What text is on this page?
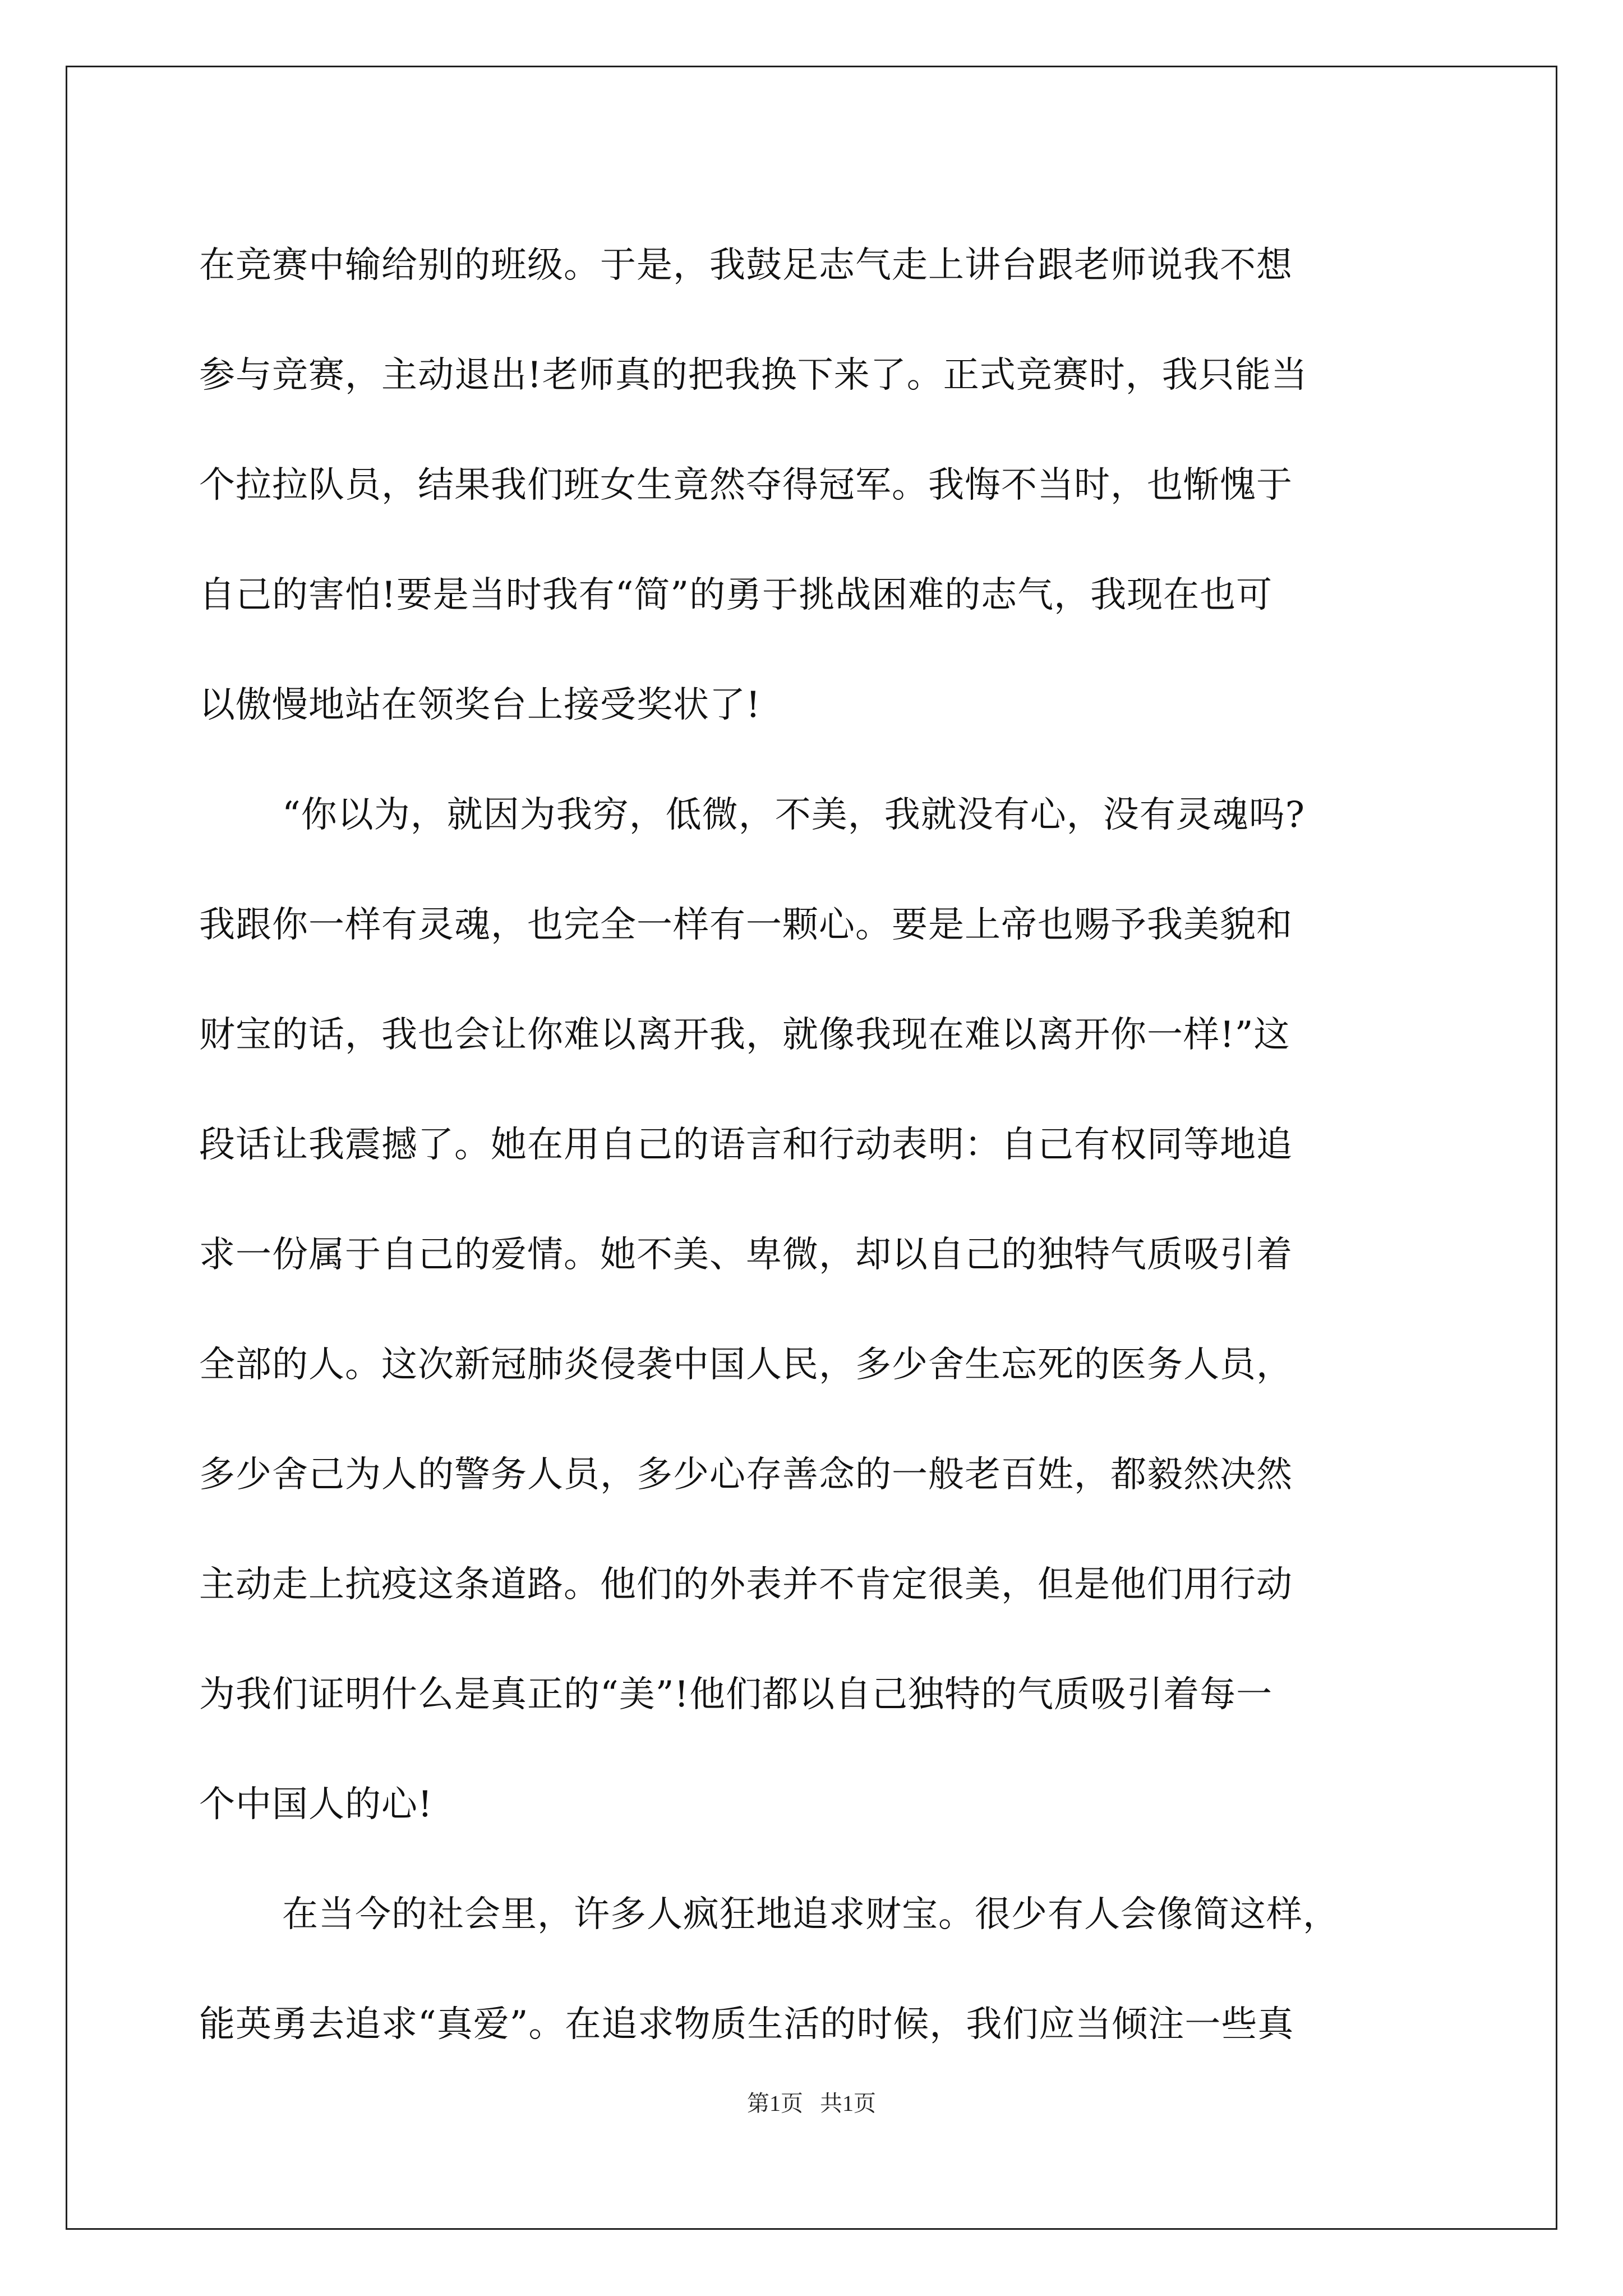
在竞赛中输给别的班级。于是，我鼓足志气走上讲台跟老师说我不想
参与竞赛，主动退出!老师真的把我换下来了。正式竞赛时，我只能当
个拉拉队员，结果我们班女生竟然夺得冠军。我悔不当时，也惭愧于
自己的害怕!要是当时我有“简”的勇于挑战困难的志气，我现在也可
以傲慢地站在领奖台上接受奖状了!
“你以为，就因为我穷，低微，不美，我就没有心，没有灵魂吗?
我跟你一样有灵魂，也完全一样有一颗心。要是上帝也赐予我美貌和
财宝的话，我也会让你难以离开我，就像我现在难以离开你一样!”这
段话让我震撼了。她在用自己的语言和行动表明：自己有权同等地追
求一份属于自己的爱情。她不美、卑微，却以自己的独特气质吸引着
全部的人。这次新冠肺炎侵袭中国人民，多少舍生忘死的医务人员，
多少舍己为人的警务人员，多少心存善念的一般老百姓，都毅然决然
主动走上抗疫这条道路。他们的外表并不肯定很美，但是他们用行动
为我们证明什么是真正的“美”!他们都以自己独特的气质吸引着每一
个中国人的心!
在当今的社会里，许多人疯狂地追求财宝。很少有人会像简这样，
能英勇去追求“真爱”。在追求物质生活的时候，我们应当倾注一些真
第1页   共1页
